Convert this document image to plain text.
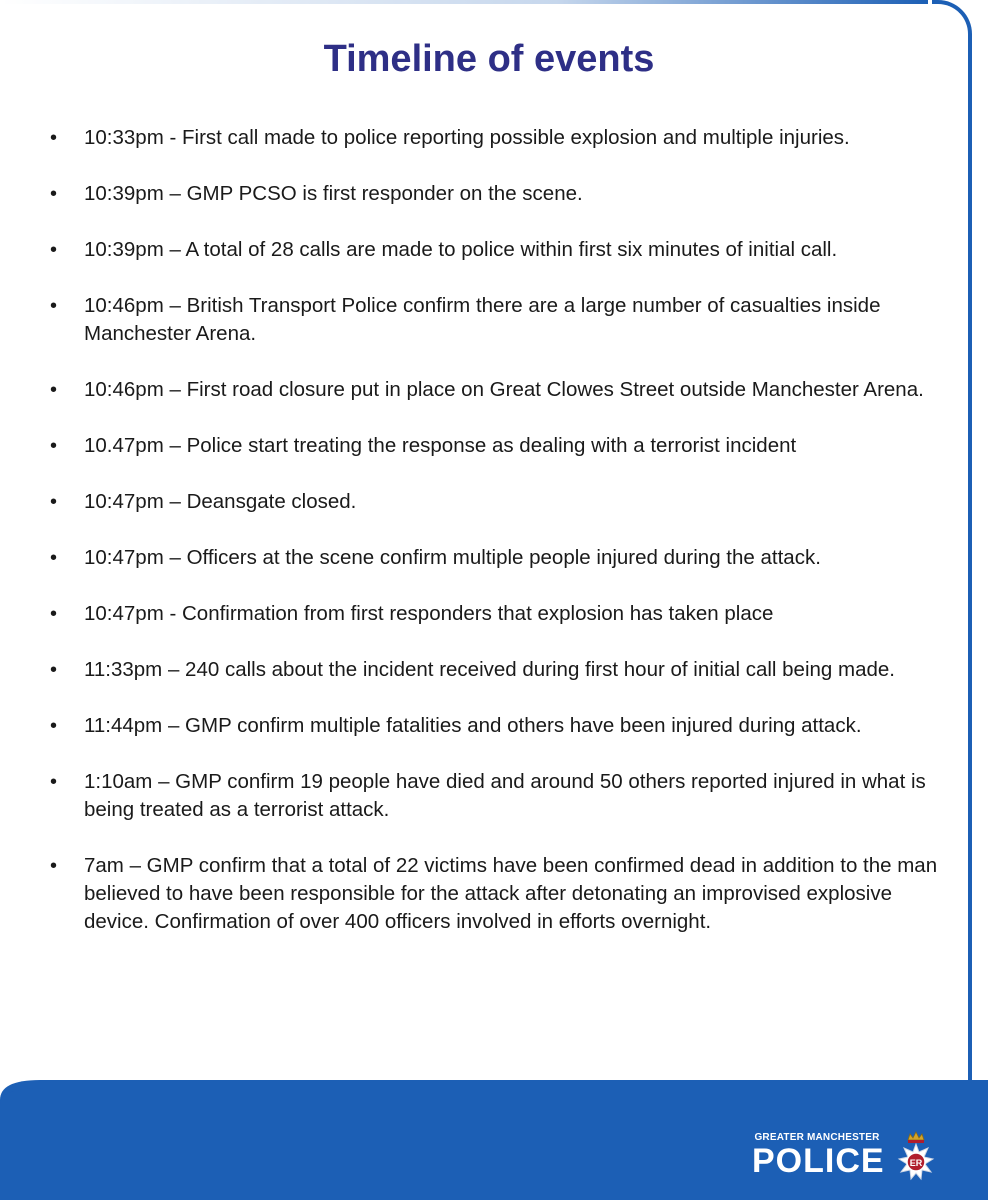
Timeline of events
• 10:33pm - First call made to police reporting possible explosion and multiple injuries.
• 10:39pm – GMP PCSO is first responder on the scene.
• 10:39pm – A total of 28 calls are made to police within first six minutes of initial call.
• 10:46pm – British Transport Police confirm there are a large number of casualties inside Manchester Arena.
• 10:46pm – First road closure put in place on Great Clowes Street outside Manchester Arena.
• 10.47pm – Police start treating the response as dealing with a terrorist incident
• 10:47pm – Deansgate closed.
• 10:47pm – Officers at the scene confirm multiple people injured during the attack.
• 10:47pm - Confirmation from first responders that explosion has taken place
• 11:33pm – 240 calls about the incident received during first hour of initial call being made.
• 11:44pm – GMP confirm multiple fatalities and others have been injured during attack.
• 1:10am – GMP confirm 19 people have died and around 50 others reported injured in what is being treated as a terrorist attack.
• 7am – GMP confirm that a total of 22 victims have been confirmed dead in addition to the man believed to have been responsible for the attack after detonating an improvised explosive device. Confirmation of over 400 officers involved in efforts overnight.
GREATER MANCHESTER
POLICE	ER
